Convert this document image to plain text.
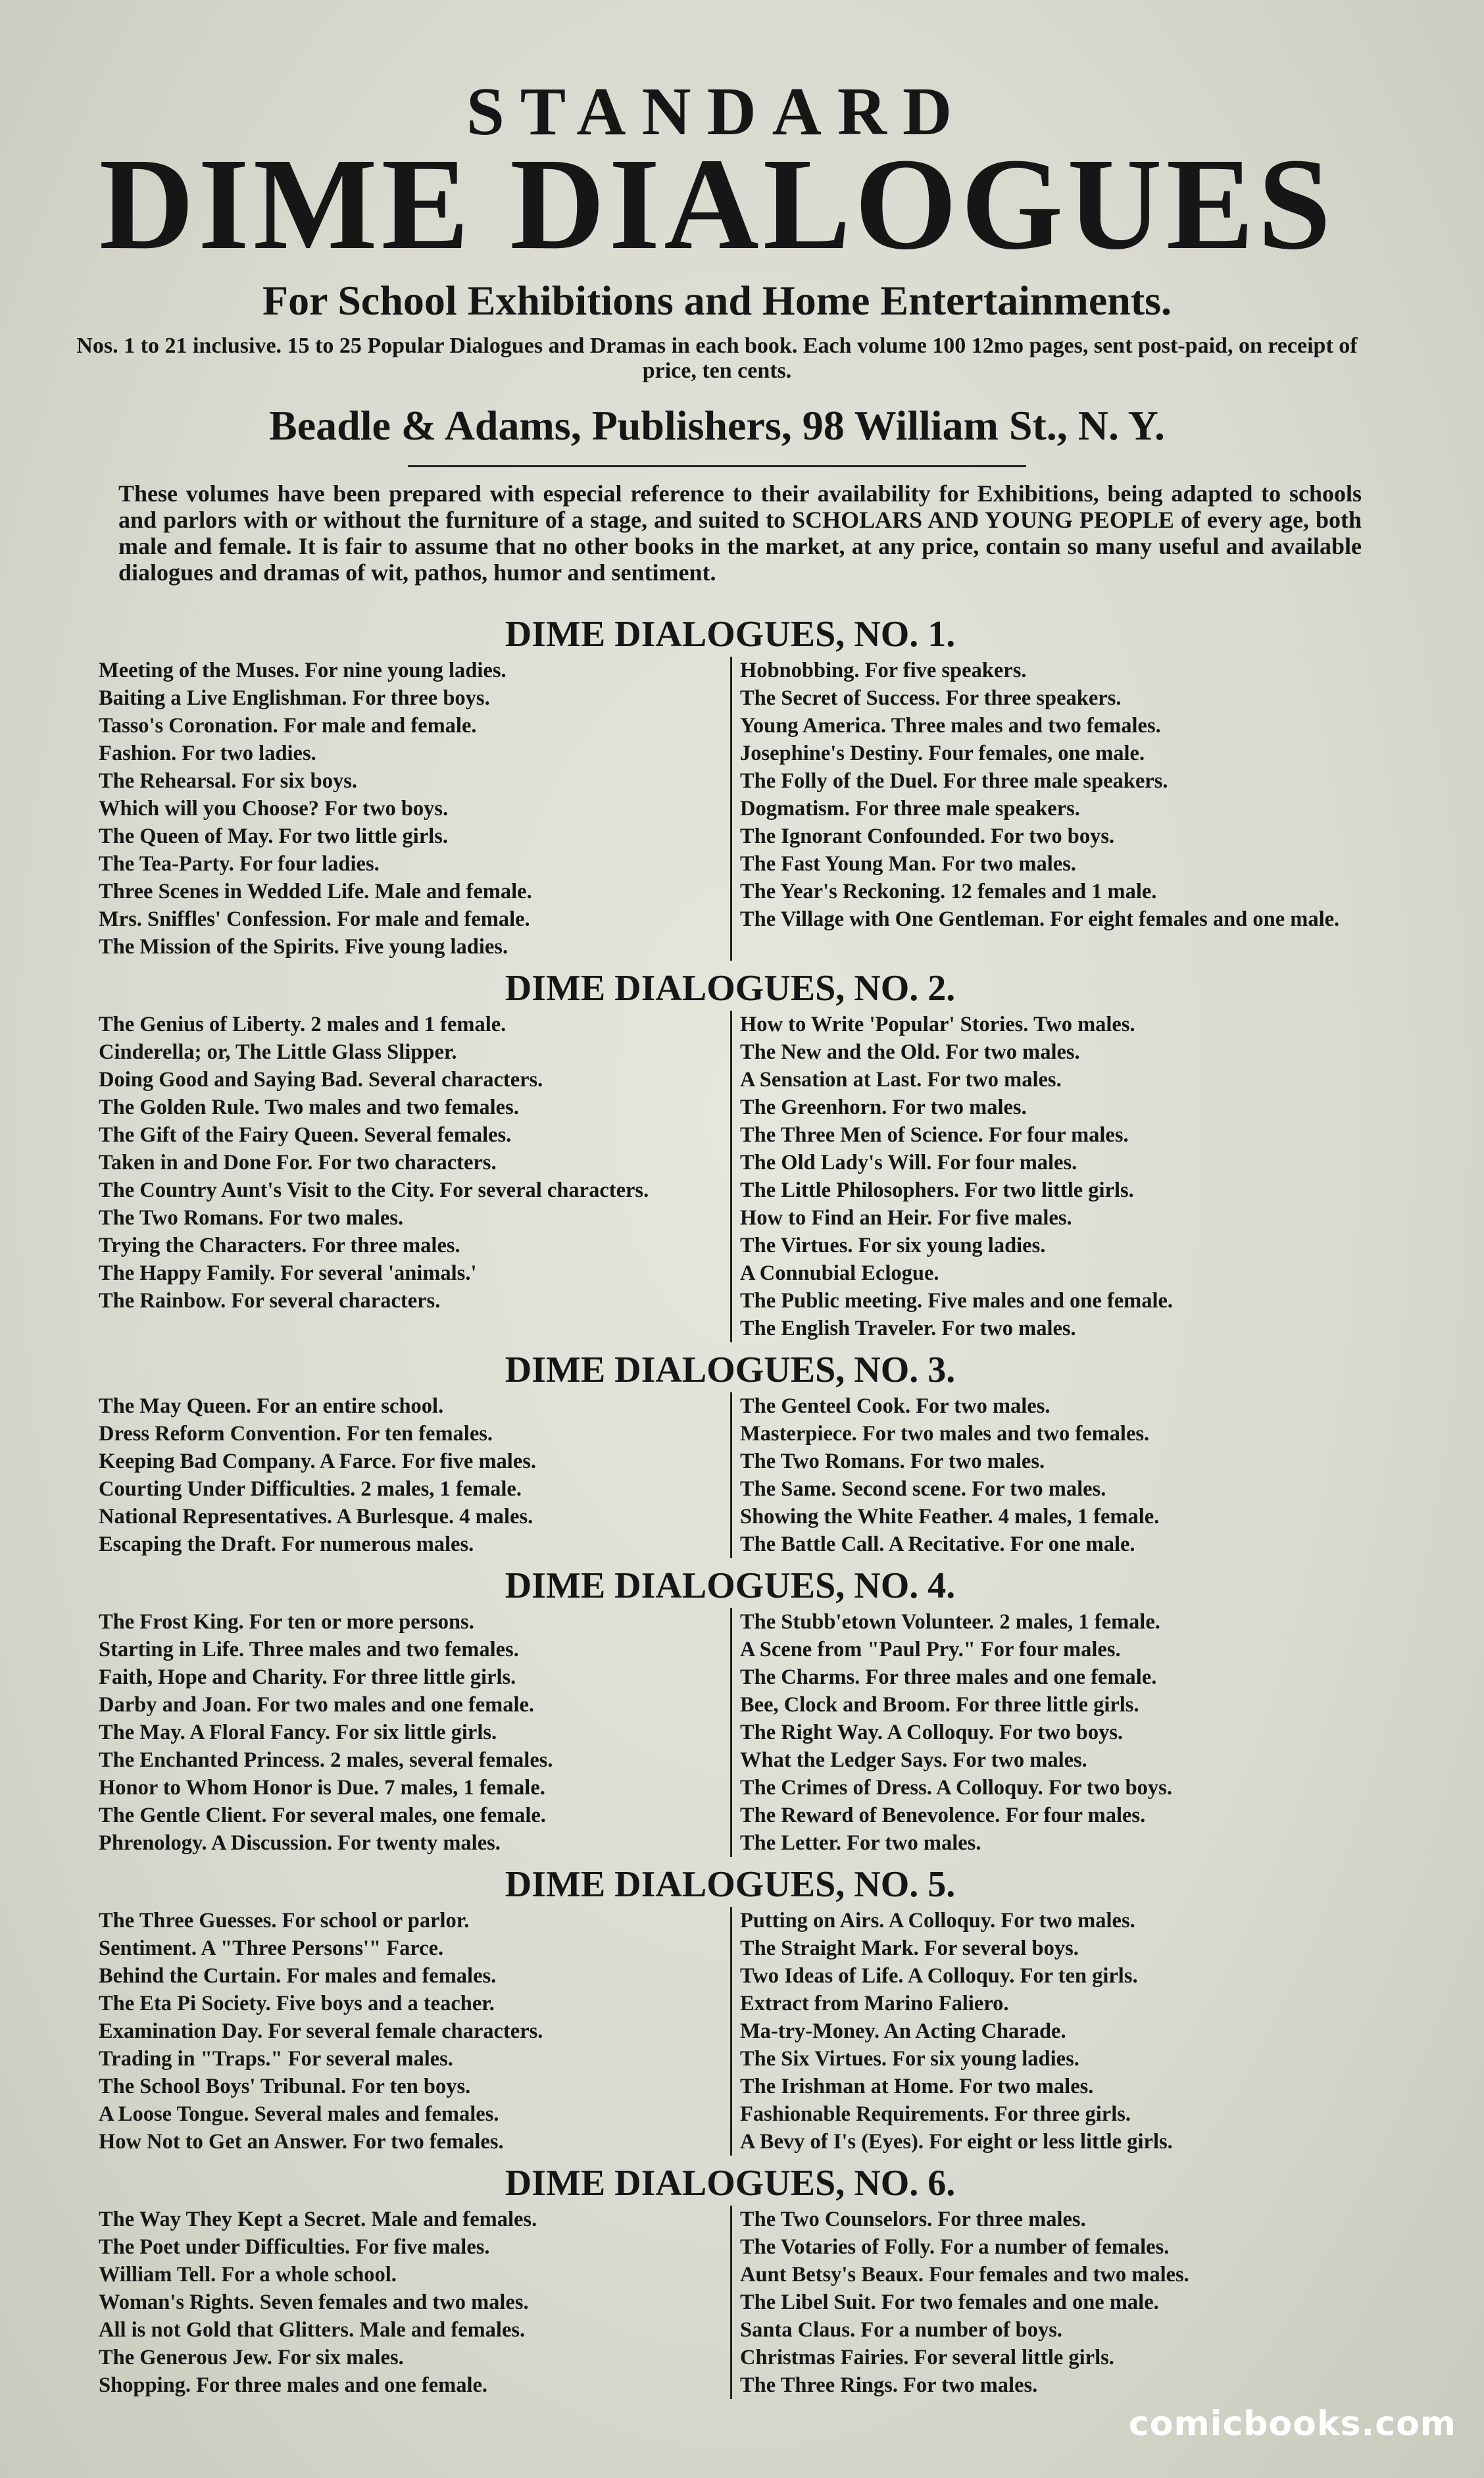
STANDARD
DIME DIALOGUES
For School Exhibitions and Home Entertainments.
Nos. 1 to 21 inclusive. 15 to 25 Popular Dialogues and Dramas in each book. Each volume 100 12mo pages, sent post-paid, on receipt of price, ten cents.
Beadle & Adams, Publishers, 98 William St., N. Y.
These volumes have been prepared with especial reference to their availability for Exhibitions, being adapted to schools and parlors with or without the furniture of a stage, and suited to SCHOLARS AND YOUNG PEOPLE of every age, both male and female. It is fair to assume that no other books in the market, at any price, contain so many useful and available dialogues and dramas of wit, pathos, humor and sentiment.
DIME DIALOGUES, NO. 1.
Meeting of the Muses. For nine young ladies.
Baiting a Live Englishman. For three boys.
Tasso's Coronation. For male and female.
Fashion. For two ladies.
The Rehearsal. For six boys.
Which will you Choose? For two boys.
The Queen of May. For two little girls.
The Tea-Party. For four ladies.
Three Scenes in Wedded Life. Male and female.
Mrs. Sniffles' Confession. For male and female.
The Mission of the Spirits. Five young ladies.
Hobnobbing. For five speakers.
The Secret of Success. For three speakers.
Young America. Three males and two females.
Josephine's Destiny. Four females, one male.
The Folly of the Duel. For three male speakers.
Dogmatism. For three male speakers.
The Ignorant Confounded. For two boys.
The Fast Young Man. For two males.
The Year's Reckoning. 12 females and 1 male.
The Village with One Gentleman. For eight females and one male.
DIME DIALOGUES, NO. 2.
The Genius of Liberty. 2 males and 1 female.
Cinderella; or, The Little Glass Slipper.
Doing Good and Saying Bad. Several characters.
The Golden Rule. Two males and two females.
The Gift of the Fairy Queen. Several females.
Taken in and Done For. For two characters.
The Country Aunt's Visit to the City. For several characters.
The Two Romans. For two males.
Trying the Characters. For three males.
The Happy Family. For several 'animals.'
The Rainbow. For several characters.
How to Write 'Popular' Stories. Two males.
The New and the Old. For two males.
A Sensation at Last. For two males.
The Greenhorn. For two males.
The Three Men of Science. For four males.
The Old Lady's Will. For four males.
The Little Philosophers. For two little girls.
How to Find an Heir. For five males.
The Virtues. For six young ladies.
A Connubial Eclogue.
The Public meeting. Five males and one female.
The English Traveler. For two males.
DIME DIALOGUES, NO. 3.
The May Queen. For an entire school.
Dress Reform Convention. For ten females.
Keeping Bad Company. A Farce. For five males.
Courting Under Difficulties. 2 males, 1 female.
National Representatives. A Burlesque. 4 males.
Escaping the Draft. For numerous males.
The Genteel Cook. For two males.
Masterpiece. For two males and two females.
The Two Romans. For two males.
The Same. Second scene. For two males.
Showing the White Feather. 4 males, 1 female.
The Battle Call. A Recitative. For one male.
DIME DIALOGUES, NO. 4.
The Frost King. For ten or more persons.
Starting in Life. Three males and two females.
Faith, Hope and Charity. For three little girls.
Darby and Joan. For two males and one female.
The May. A Floral Fancy. For six little girls.
The Enchanted Princess. 2 males, several females.
Honor to Whom Honor is Due. 7 males, 1 female.
The Gentle Client. For several males, one female.
Phrenology. A Discussion. For twenty males.
The Stubb'etown Volunteer. 2 males, 1 female.
A Scene from "Paul Pry." For four males.
The Charms. For three males and one female.
Bee, Clock and Broom. For three little girls.
The Right Way. A Colloquy. For two boys.
What the Ledger Says. For two males.
The Crimes of Dress. A Colloquy. For two boys.
The Reward of Benevolence. For four males.
The Letter. For two males.
DIME DIALOGUES, NO. 5.
The Three Guesses. For school or parlor.
Sentiment. A "Three Persons'" Farce.
Behind the Curtain. For males and females.
The Eta Pi Society. Five boys and a teacher.
Examination Day. For several female characters.
Trading in "Traps." For several males.
The School Boys' Tribunal. For ten boys.
A Loose Tongue. Several males and females.
How Not to Get an Answer. For two females.
Putting on Airs. A Colloquy. For two males.
The Straight Mark. For several boys.
Two Ideas of Life. A Colloquy. For ten girls.
Extract from Marino Faliero.
Ma-try-Money. An Acting Charade.
The Six Virtues. For six young ladies.
The Irishman at Home. For two males.
Fashionable Requirements. For three girls.
A Bevy of I's (Eyes). For eight or less little girls.
DIME DIALOGUES, NO. 6.
The Way They Kept a Secret. Male and females.
The Poet under Difficulties. For five males.
William Tell. For a whole school.
Woman's Rights. Seven females and two males.
All is not Gold that Glitters. Male and females.
The Generous Jew. For six males.
Shopping. For three males and one female.
The Two Counselors. For three males.
The Votaries of Folly. For a number of females.
Aunt Betsy's Beaux. Four females and two males.
The Libel Suit. For two females and one male.
Santa Claus. For a number of boys.
Christmas Fairies. For several little girls.
The Three Rings. For two males.
comicbooks.com
